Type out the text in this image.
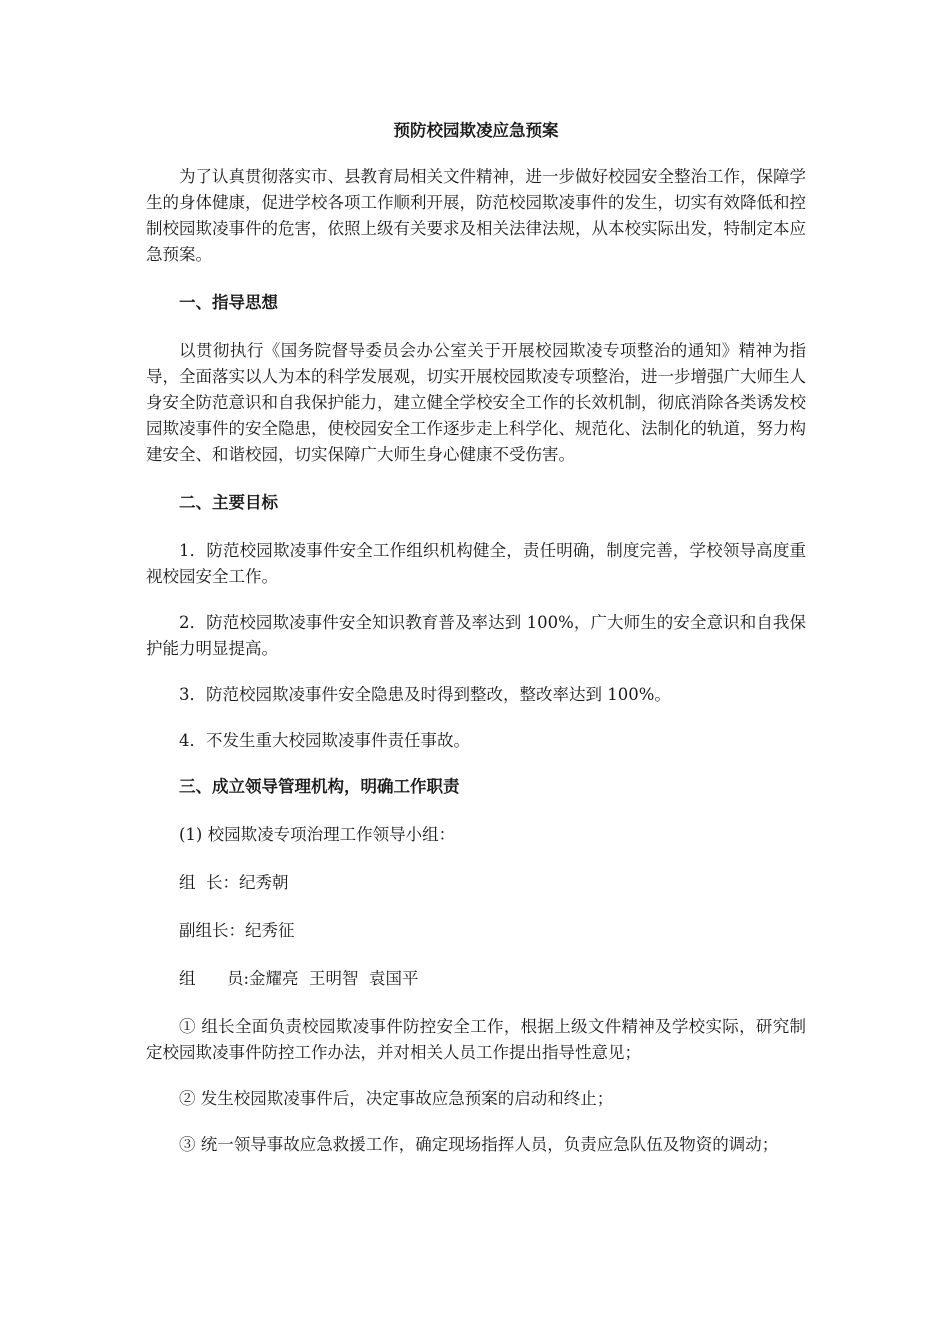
预防校园欺凌应急预案

为了认真贯彻落实市、县教育局相关文件精神，进一步做好校园安全整治工作，保障学生的身体健康，促进学校各项工作顺利开展，防范校园欺凌事件的发生，切实有效降低和控制校园欺凌事件的危害，依照上级有关要求及相关法律法规，从本校实际出发，特制定本应急预案。

一、指导思想

以贯彻执行《国务院督导委员会办公室关于开展校园欺凌专项整治的通知》精神为指导，全面落实以人为本的科学发展观，切实开展校园欺凌专项整治，进一步增强广大师生人身安全防范意识和自我保护能力，建立健全学校安全工作的长效机制，彻底消除各类诱发校园欺凌事件的安全隐患，使校园安全工作逐步走上科学化、规范化、法制化的轨道，努力构建安全、和谐校园，切实保障广大师生身心健康不受伤害。

二、主要目标

1．防范校园欺凌事件安全工作组织机构健全，责任明确，制度完善，学校领导高度重视校园安全工作。

2．防范校园欺凌事件安全知识教育普及率达到 100%，广大师生的安全意识和自我保护能力明显提高。

3．防范校园欺凌事件安全隐患及时得到整改，整改率达到 100%。

4．不发生重大校园欺凌事件责任事故。

三、成立领导管理机构，明确工作职责

(1) 校园欺凌专项治理工作领导小组：

组  长：纪秀朝

副组长：纪秀征

组      员:金耀亮  王明智  袁国平

① 组长全面负责校园欺凌事件防控安全工作，根据上级文件精神及学校实际，研究制定校园欺凌事件防控工作办法，并对相关人员工作提出指导性意见；

② 发生校园欺凌事件后，决定事故应急预案的启动和终止；

③ 统一领导事故应急救援工作，确定现场指挥人员，负责应急队伍及物资的调动；
